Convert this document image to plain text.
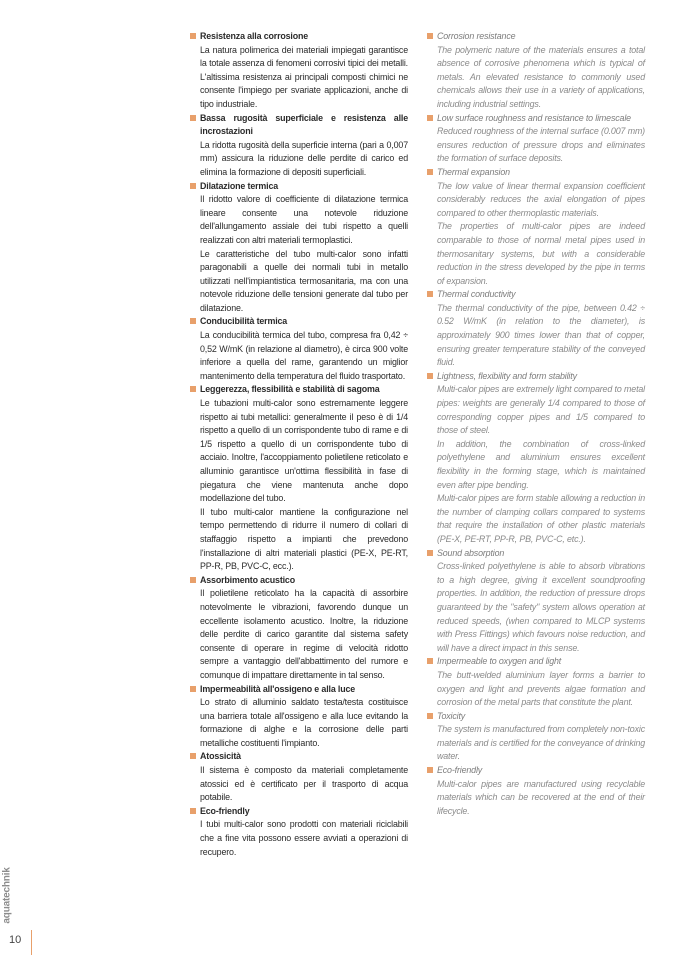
Resistenza alla corrosione
La natura polimerica dei materiali impiegati garantisce la totale assenza di fenomeni corrosivi tipici dei metalli. L'altissima resistenza ai principali composti chimici ne consente l'impiego per svariate applicazioni, anche di tipo industriale.
Bassa rugosità superficiale e resistenza alle incrostazioni
La ridotta rugosità della superficie interna (pari a 0,007 mm) assicura la riduzione delle perdite di carico ed elimina la formazione di depositi superficiali.
Dilatazione termica
Il ridotto valore di coefficiente di dilatazione termica lineare consente una notevole riduzione dell'allungamento assiale dei tubi rispetto a quelli realizzati con altri materiali termoplastici.
Le caratteristiche del tubo multi-calor sono infatti paragonabili a quelle dei normali tubi in metallo utilizzati nell'impiantistica termosanitaria, ma con una notevole riduzione delle tensioni generate dal tubo per dilatazione.
Conducibilità termica
La conducibilità termica del tubo, compresa fra 0,42 ÷ 0,52 W/mK (in relazione al diametro), è circa 900 volte inferiore a quella del rame, garantendo un miglior mantenimento della temperatura del fluido trasportato.
Leggerezza, flessibilità e stabilità di sagoma
Le tubazioni multi-calor sono estremamente leggere rispetto ai tubi metallici: generalmente il peso è di 1/4 rispetto a quello di un corrispondente tubo di rame e di 1/5 rispetto a quello di un corrispondente tubo di acciaio. Inoltre, l'accoppiamento polietilene reticolato e alluminio garantisce un'ottima flessibilità in fase di piegatura che viene mantenuta anche dopo modellazione del tubo.
Il tubo multi-calor mantiene la configurazione nel tempo permettendo di ridurre il numero di collari di staffaggio rispetto a impianti che prevedono l'installazione di altri materiali plastici (PE-X, PE-RT, PP-R, PB, PVC-C, ecc.).
Assorbimento acustico
Il polietilene reticolato ha la capacità di assorbire notevolmente le vibrazioni, favorendo dunque un eccellente isolamento acustico. Inoltre, la riduzione delle perdite di carico garantite dal sistema safety consente di operare in regime di velocità ridotto sempre a vantaggio dell'abbattimento del rumore e comunque di impattare direttamente in tal senso.
Impermeabilità all'ossigeno e alla luce
Lo strato di alluminio saldato testa/testa costituisce una barriera totale all'ossigeno e alla luce evitando la formazione di alghe e la corrosione delle parti metalliche costituenti l'impianto.
Atossicità
Il sistema è composto da materiali completamente atossici ed è certificato per il trasporto di acqua potabile.
Eco-friendly
I tubi multi-calor sono prodotti con materiali riciclabili che a fine vita possono essere avviati a operazioni di recupero.
Corrosion resistance
The polymeric nature of the materials ensures a total absence of corrosive phenomena which is typical of metals. An elevated resistance to commonly used chemicals allows their use in a variety of applications, including industrial settings.
Low surface roughness and resistance to limescale
Reduced roughness of the internal surface (0.007 mm) ensures reduction of pressure drops and eliminates the formation of surface deposits.
Thermal expansion
The low value of linear thermal expansion coefficient considerably reduces the axial elongation of pipes compared to other thermoplastic materials.
The properties of multi-calor pipes are indeed comparable to those of normal metal pipes used in thermosanitary systems, but with a considerable reduction in the stress developed by the pipe in terms of expansion.
Thermal conductivity
The thermal conductivity of the pipe, between 0.42 ÷ 0.52 W/mK (in relation to the diameter), is approximately 900 times lower than that of copper, ensuring greater temperature stability of the conveyed fluid.
Lightness, flexibility and form stability
Multi-calor pipes are extremely light compared to metal pipes: weights are generally 1/4 compared to those of corresponding copper pipes and 1/5 compared to those of steel.
In addition, the combination of cross-linked polyethylene and aluminium ensures excellent flexibility in the forming stage, which is maintained even after pipe bending.
Multi-calor pipes are form stable allowing a reduction in the number of clamping collars compared to systems that require the installation of other plastic materials (PE-X, PE-RT, PP-R, PB, PVC-C, etc.).
Sound absorption
Cross-linked polyethylene is able to absorb vibrations to a high degree, giving it excellent soundproofing properties. In addition, the reduction of pressure drops guaranteed by the "safety" system allows operation at reduced speeds, (when compared to MLCP systems with Press Fittings) which favours noise reduction, and will have a direct impact in this sense.
Impermeable to oxygen and light
The butt-welded aluminium layer forms a barrier to oxygen and light and prevents algae formation and corrosion of the metal parts that constitute the plant.
Toxicity
The system is manufactured from completely non-toxic materials and is certified for the conveyance of drinking water.
Eco-friendly
Multi-calor pipes are manufactured using recyclable materials which can be recovered at the end of their lifecycle.
aquatechnik
10
